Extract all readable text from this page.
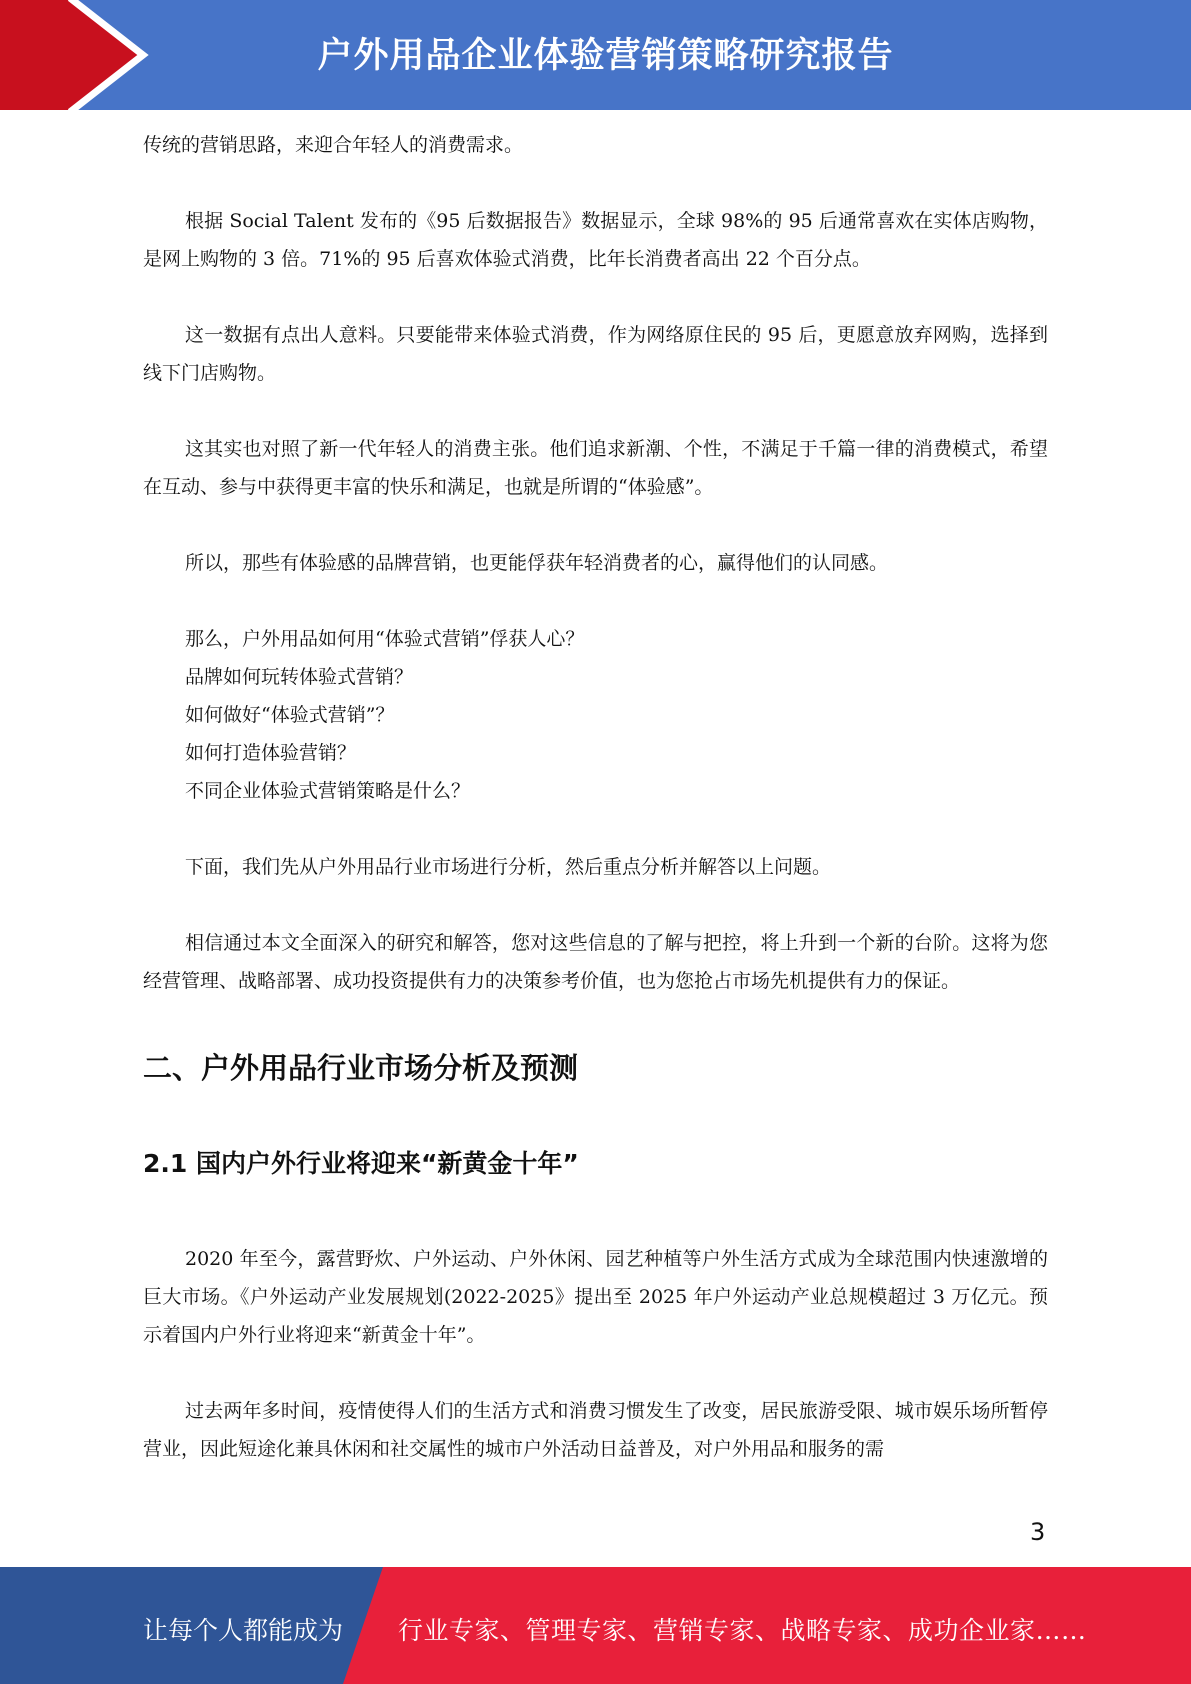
户外用品企业体验营销策略研究报告

传统的营销思路，来迎合年轻人的消费需求。

根据 Social Talent 发布的《95 后数据报告》数据显示，全球 98%的 95 后通常喜欢在实体店购物，是网上购物的 3 倍。71%的 95 后喜欢体验式消费，比年长消费者高出 22 个百分点。

这一数据有点出人意料。只要能带来体验式消费，作为网络原住民的 95 后，更愿意放弃网购，选择到线下门店购物。

这其实也对照了新一代年轻人的消费主张。他们追求新潮、个性，不满足于千篇一律的消费模式，希望在互动、参与中获得更丰富的快乐和满足，也就是所谓的“体验感”。

所以，那些有体验感的品牌营销，也更能俘获年轻消费者的心，赢得他们的认同感。

那么，户外用品如何用“体验式营销”俘获人心？

品牌如何玩转体验式营销？

如何做好“体验式营销”？

如何打造体验营销？

不同企业体验式营销策略是什么？

下面，我们先从户外用品行业市场进行分析，然后重点分析并解答以上问题。

相信通过本文全面深入的研究和解答，您对这些信息的了解与把控，将上升到一个新的台阶。这将为您经营管理、战略部署、成功投资提供有力的决策参考价值，也为您抢占市场先机提供有力的保证。

二、户外用品行业市场分析及预测
2.1 国内户外行业将迎来“新黄金十年”

2020 年至今，露营野炊、户外运动、户外休闲、园艺种植等户外生活方式成为全球范围内快速激增的巨大市场。《户外运动产业发展规划(2022-2025》提出至 2025 年户外运动产业总规模超过 3 万亿元。预示着国内户外行业将迎来“新黄金十年”。

过去两年多时间，疫情使得人们的生活方式和消费习惯发生了改变，居民旅游受限、城市娱乐场所暂停营业，因此短途化兼具休闲和社交属性的城市户外活动日益普及，对户外用品和服务的需

3
让每个人都能成为 行业专家、管理专家、营销专家、战略专家、成功企业家……
